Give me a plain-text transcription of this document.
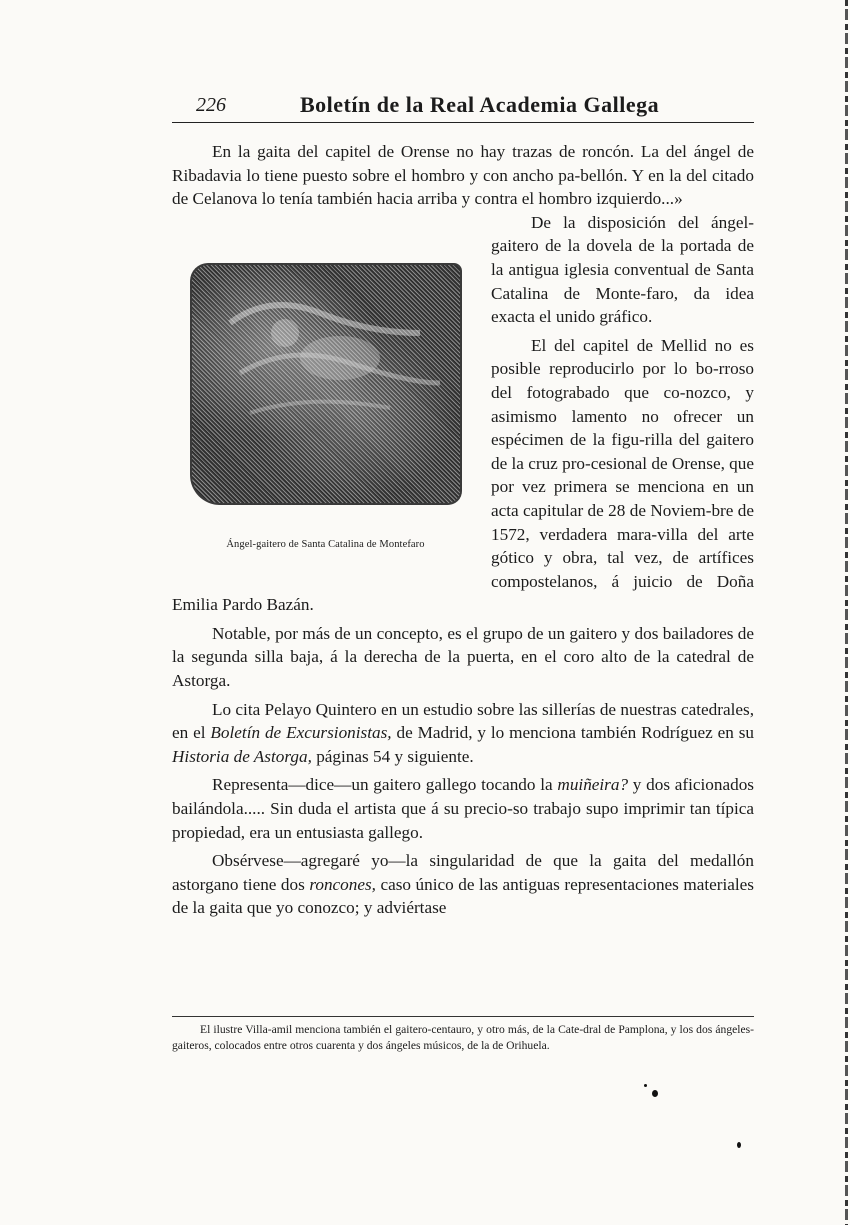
226	Boletín de la Real Academia Gallega

En la gaita del capitel de Orense no hay trazas de roncón. La del ángel de Ribadavia lo tiene puesto sobre el hombro y con ancho pa-bellón. Y en la del citado de Celanova lo tenía también hacia arriba y contra el hombro izquierdo...»

Ángel-gaitero de Santa Catalina de Montefaro

De la disposición del ángel-gaitero de la dovela de la portada de la antigua iglesia conventual de Santa Catalina de Monte-faro, da idea exacta el unido gráfico.

El del capitel de Mellid no es posible reproducirlo por lo bo-rroso del fotograbado que co-nozco, y asimismo lamento no ofrecer un espécimen de la figu-rilla del gaitero de la cruz pro-cesional de Orense, que por vez primera se menciona en un acta capitular de 28 de Noviem-bre de 1572, verdadera mara-villa del arte gótico y obra, tal vez, de artífices compostelanos, á juicio de Doña Emilia Pardo Bazán.

Notable, por más de un concepto, es el grupo de un gaitero y dos bailadores de la segunda silla baja, á la derecha de la puerta, en el coro alto de la catedral de Astorga.

Lo cita Pelayo Quintero en un estudio sobre las sillerías de nuestras catedrales, en el Boletín de Excursionistas, de Madrid, y lo menciona también Rodríguez en su Historia de Astorga, páginas 54 y siguiente.

Representa—dice—un gaitero gallego tocando la muiñeira? y dos aficionados bailándola..... Sin duda el artista que á su precio-so trabajo supo imprimir tan típica propiedad, era un entusiasta gallego.

Obsérvese—agregaré yo—la singularidad de que la gaita del medallón astorgano tiene dos roncones, caso único de las antiguas representaciones materiales de la gaita que yo conozco; y adviértase

El ilustre Villa-amil menciona también el gaitero-centauro, y otro más, de la Cate-dral de Pamplona, y los dos ángeles-gaiteros, colocados entre otros cuarenta y dos ángeles músicos, de la de Orihuela.
